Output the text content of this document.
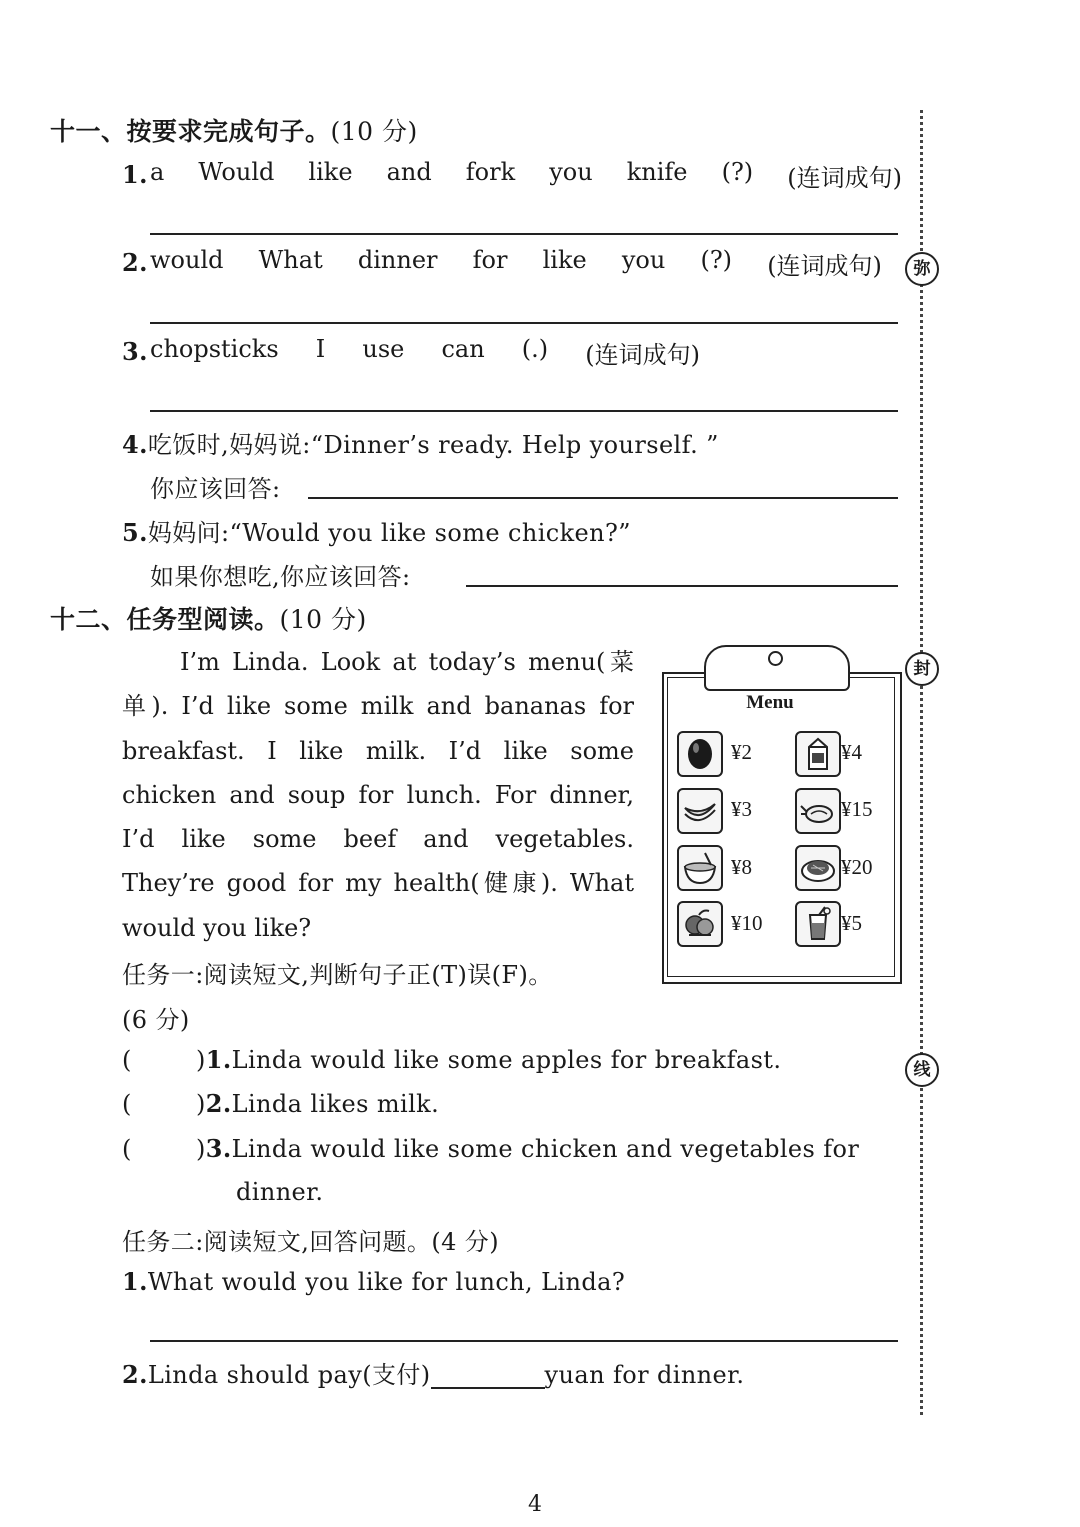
十一、按要求完成句子。(10 分)
1. a Would like and fork you knife (?) (连词成句)
2. would What dinner for like you (?) (连词成句)
3. chopsticks I use can (.) (连词成句)
4.吃饭时,妈妈说:“Dinner’s ready. Help yourself. ”
你应该回答:
5.妈妈问:“Would you like some chicken?”
如果你想吃,你应该回答:
十二、任务型阅读。(10 分)
I’m Linda. Look at today’s menu(菜
单). I’d like some milk and bananas for
breakfast. I like milk. I’d like some
chicken and soup for lunch. For dinner,
I’d like some beef and vegetables.
They’re good for my health(健康). What
would you like?
Menu
¥2	¥4
¥3	¥15
¥8	¥20
¥10	¥5
任务一:阅读短文,判断句子正(T)误(F)。
(6 分)
(        )1.Linda would like some apples for breakfast.
(        )2.Linda likes milk.
(        )3.Linda would like some chicken and vegetables for
dinner.
任务二:阅读短文,回答问题。(4 分)
1.What would you like for lunch, Linda?
2.Linda should pay(支付)	yuan for dinner.
弥
封
线
4
